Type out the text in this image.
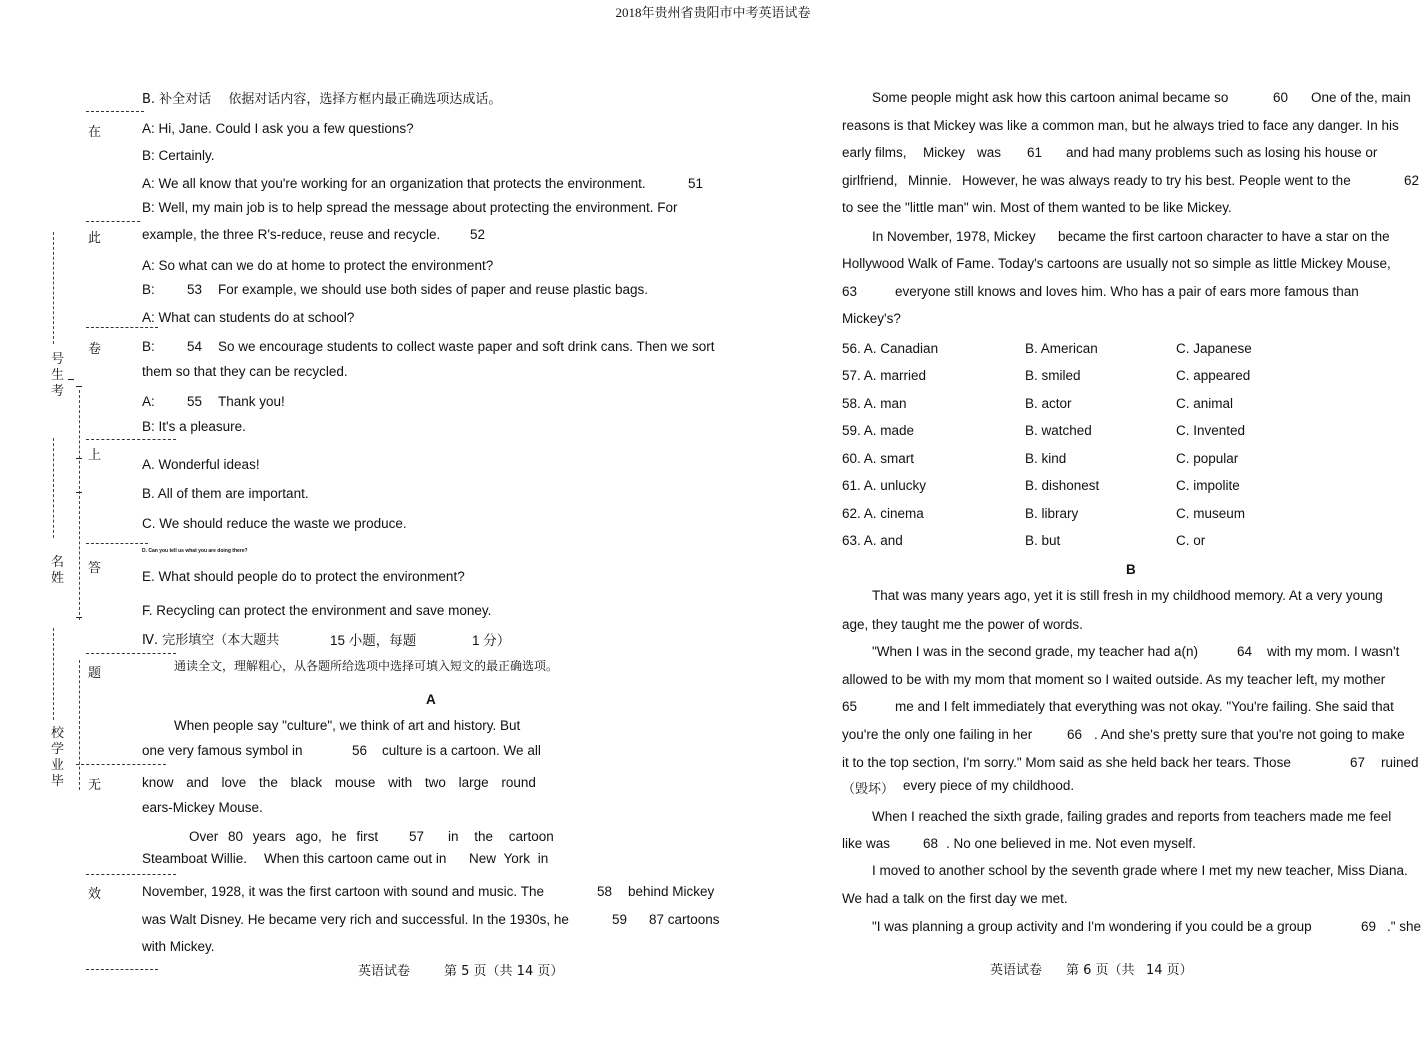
2018年贵州省贵阳市中考英语试卷
号生考
名姓
校学业毕
在
此
卷
上
答
题
无
效
B. 补全对话　 依据对话内容，选择方框内最正确选项达成话。
A: Hi, Jane. Could I ask you a few questions?
B: Certainly.
A: We all know that you're working for an organization that protects the environment.	51
B: Well, my main job is to help spread the message about protecting the environment. For
example, the three R's-reduce, reuse and recycle. 52
A: So what can we do at home to protect the environment?
B: 53 For example, we should use both sides of paper and reuse plastic bags.
A: What can students do at school?
B: 54 So we encourage students to collect waste paper and soft drink cans. Then we sort
them so that they can be recycled.
A: 55 Thank you!
B: It's a pleasure.
A. Wonderful ideas!
B. All of them are important.
C. We should reduce the waste we produce.
D. Can you tell us what you are doing there?
E. What should people do to protect the environment?
F. Recycling can protect the environment and save money.
Ⅳ. 完形填空（本大题共	15 小题，每题	1 分）
通读全文，理解粗心，从各题所给选项中选择可填入短文的最正确选项。
A
When people say "culture", we think of art and history. But
one very famous symbol in	56 culture is a cartoon. We all
know and love the black mouse with two large round
ears-Mickey Mouse.
Over 80 years ago, he first 57 in the cartoon
Steamboat Willie. When this cartoon came out in New York in
November, 1928, it was the first cartoon with sound and music. The	58 behind Mickey
was Walt Disney. He became very rich and successful. In the 1930s, he	59 87 cartoons
with Mickey.
英语试卷	第 5 页（共 14 页）
Some people might ask how this cartoon animal became so	60 One of the, main
reasons is that Mickey was like a common man, but he always tried to face any danger. In his
early films, Mickey was 61 and had many problems such as losing his house or
girlfriend, Minnie. However, he was always ready to try his best. People went to the	62
to see the "little man" win. Most of them wanted to be like Mickey.
In November, 1978, Mickey became the first cartoon character to have a star on the
Hollywood Walk of Fame. Today's cartoons are usually not so simple as little Mickey Mouse,
63	everyone still knows and loves him. Who has a pair of ears more famous than
Mickey's?
56. A. Canadian	B. American	C. Japanese
57. A. married	B. smiled	C. appeared
58. A. man	B. actor	C. animal
59. A. made	B. watched	C. Invented
60. A. smart	B. kind	C. popular
61. A. unlucky	B. dishonest	C. impolite
62. A. cinema	B. library	C. museum
63. A. and	B. but	C. or
B
That was many years ago, yet it is still fresh in my childhood memory. At a very young
age, they taught me the power of words.
"When I was in the second grade, my teacher had a(n)	64 with my mom. I wasn't
allowed to be with my mom that moment so I waited outside. As my teacher left, my mother
65	me and I felt immediately that everything was not okay. "You're failing. She said that
you're the only one failing in her	66 . And she's pretty sure that you're not going to make
it to the top section, I'm sorry." Mom said as she held back her tears. Those	67 ruined
（毁坏） every piece of my childhood.
When I reached the sixth grade, failing grades and reports from teachers made me feel
like was 68 . No one believed in me. Not even myself.
I moved to another school by the seventh grade where I met my new teacher, Miss Diana.
We had a talk on the first day we met.
"I was planning a group activity and I'm wondering if you could be a group	69 ." she
英语试卷 第 6 页（共 14 页）
